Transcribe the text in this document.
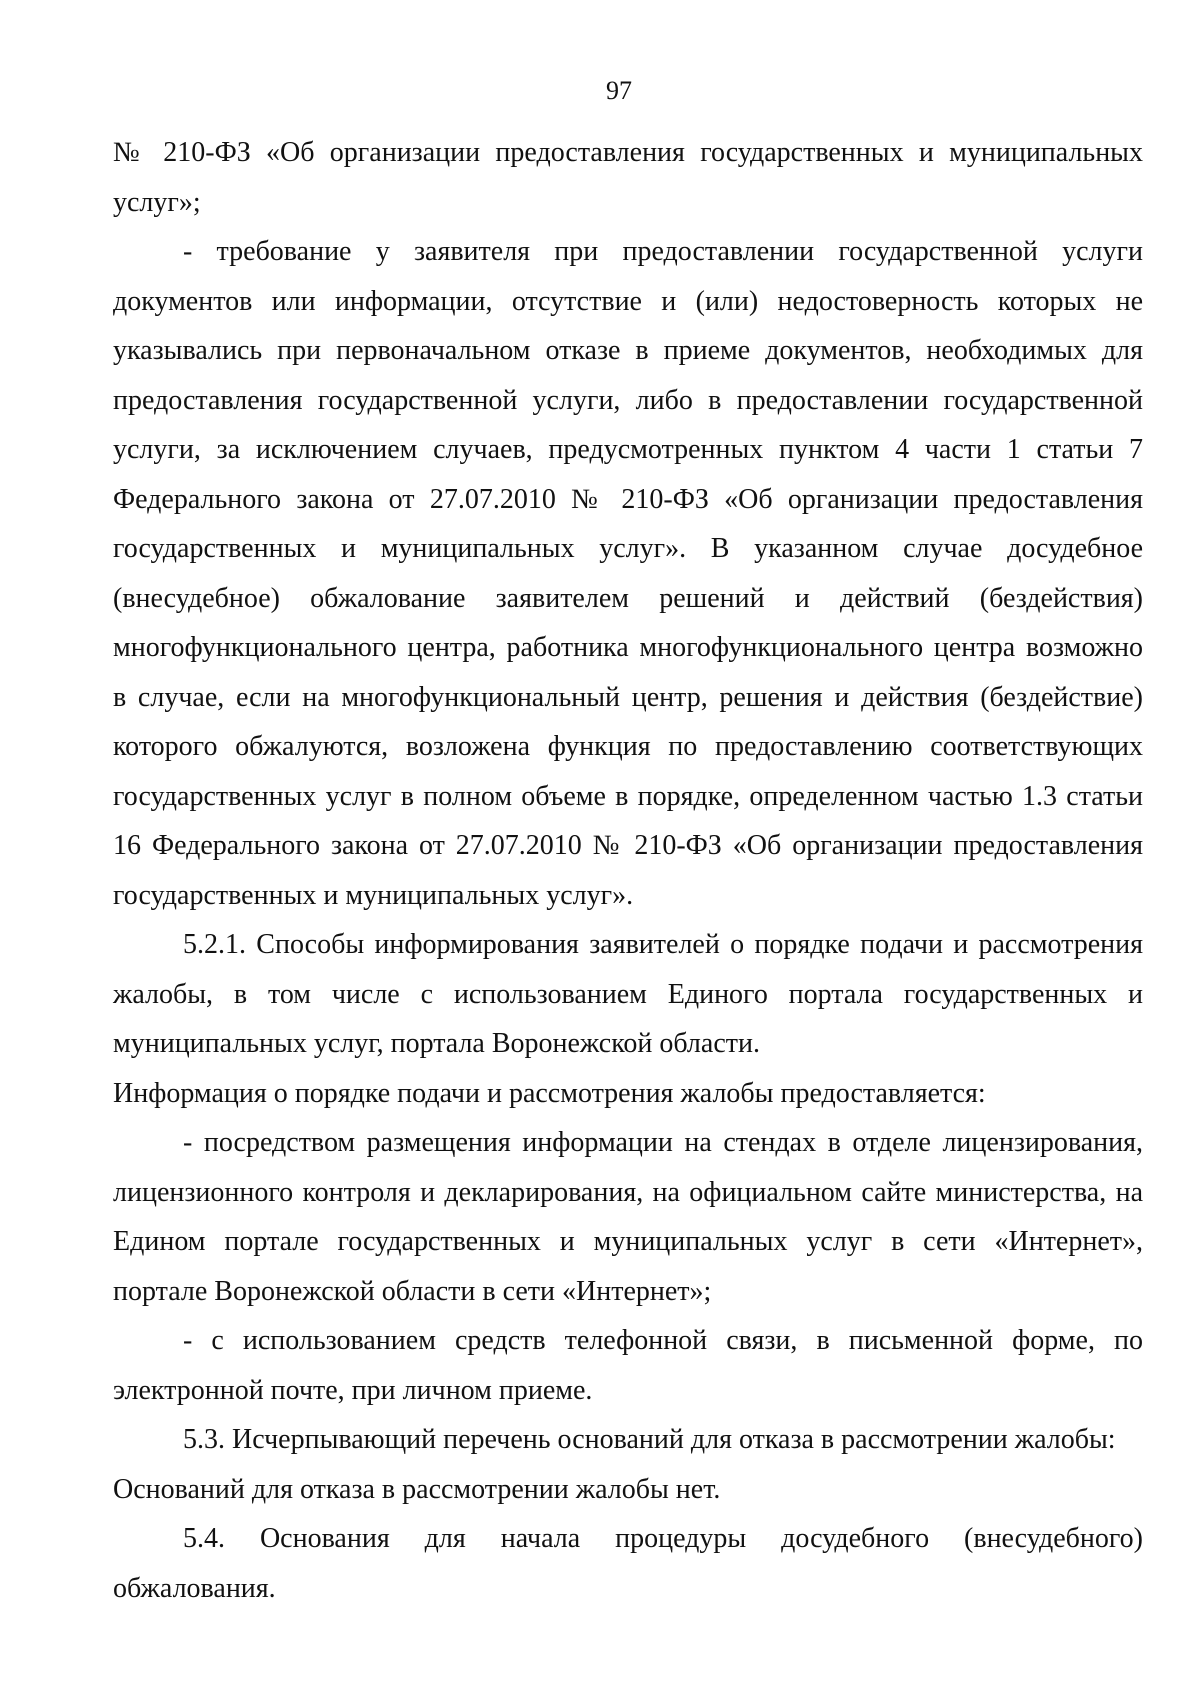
97

№ 210-ФЗ «Об организации предоставления государственных и муниципальных услуг»;

- требование у заявителя при предоставлении государственной услуги документов или информации, отсутствие и (или) недостоверность которых не указывались при первоначальном отказе в приеме документов, необходимых для предоставления государственной услуги, либо в предоставлении государственной услуги, за исключением случаев, предусмотренных пунктом 4 части 1 статьи 7 Федерального закона от 27.07.2010 № 210-ФЗ «Об организации предоставления государственных и муниципальных услуг». В указанном случае досудебное (внесудебное) обжалование заявителем решений и действий (бездействия) многофункционального центра, работника многофункционального центра возможно в случае, если на многофункциональный центр, решения и действия (бездействие) которого обжалуются, возложена функция по предоставлению соответствующих государственных услуг в полном объеме в порядке, определенном частью 1.3 статьи 16 Федерального закона от 27.07.2010 № 210-ФЗ «Об организации предоставления государственных и муниципальных услуг».

5.2.1. Способы информирования заявителей о порядке подачи и рассмотрения жалобы, в том числе с использованием Единого портала государственных и муниципальных услуг, портала Воронежской области.

Информация о порядке подачи и рассмотрения жалобы предоставляется:

- посредством размещения информации на стендах в отделе лицензирования, лицензионного контроля и декларирования, на официальном сайте министерства, на Едином портале государственных и муниципальных услуг в сети «Интернет», портале Воронежской области в сети «Интернет»;

- с использованием средств телефонной связи, в письменной форме, по электронной почте, при личном приеме.

5.3. Исчерпывающий перечень оснований для отказа в рассмотрении жалобы:

Оснований для отказа в рассмотрении жалобы нет.

5.4. Основания для начала процедуры досудебного (внесудебного) обжалования.
